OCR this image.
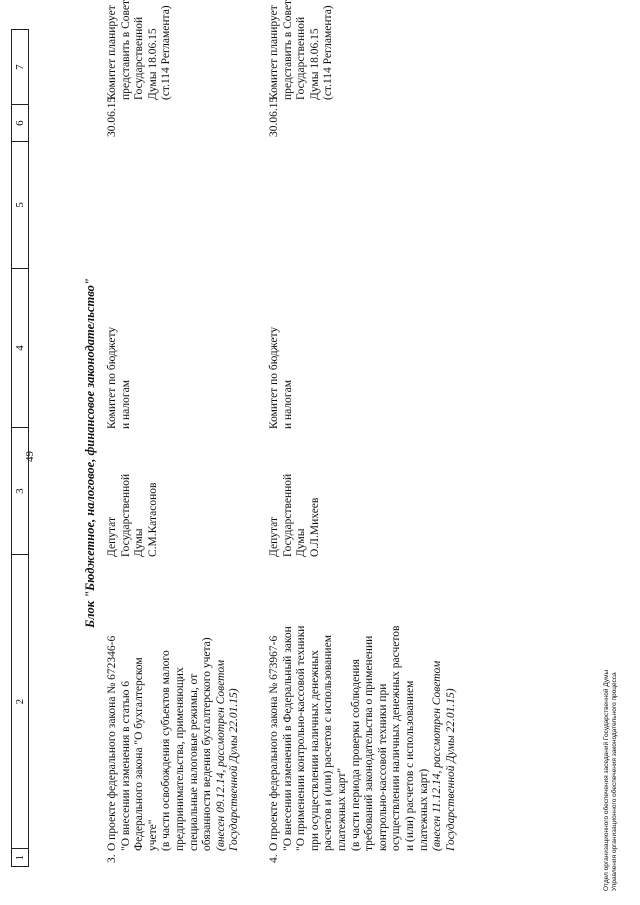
49
1
2
3
4
5
6
7
Блок "Бюджетное, налоговое, финансовое законодательство"
3.
О проекте федерального закона № 672346-6 "О внесении изменения в статью 6 Федерального закона "О бухгалтерском учете" (в части освобождения субъектов малого предпринимательства, применяющих специальные налоговые режимы, от обязанности ведения бухгалтерского учета) (внесен 09.12.14, рассмотрен Советом Государственной Думы 22.01.15)
Депутат Государственной Думы С.М.Катасонов
Комитет по бюджету и налогам
30.06.15
Комитет планирует представить в Совет Государственной Думы 18.06.15 (ст.114 Регламента)
4.
О проекте федерального закона № 673967-6 "О внесении изменений в Федеральный закон "О применении контрольно-кассовой техники при осуществлении наличных денежных расчетов и (или) расчетов с использованием платежных карт" (в части периода проверки соблюдения требований законодательства о применении контрольно-кассовой техники при осуществлении наличных денежных расчетов и (или) расчетов с использованием платежных карт) (внесен 11.12.14, рассмотрен Советом Государственной Думы 22.01.15)
Депутат Государственной Думы О.Л.Михеев
Комитет по бюджету и налогам
30.06.15
Комитет планирует представить в Совет Государственной Думы 18.06.15 (ст.114 Регламента)
Отдел организационного обеспечения заседаний Государственной Думы Управления организационного обеспечения законодательного процесса
